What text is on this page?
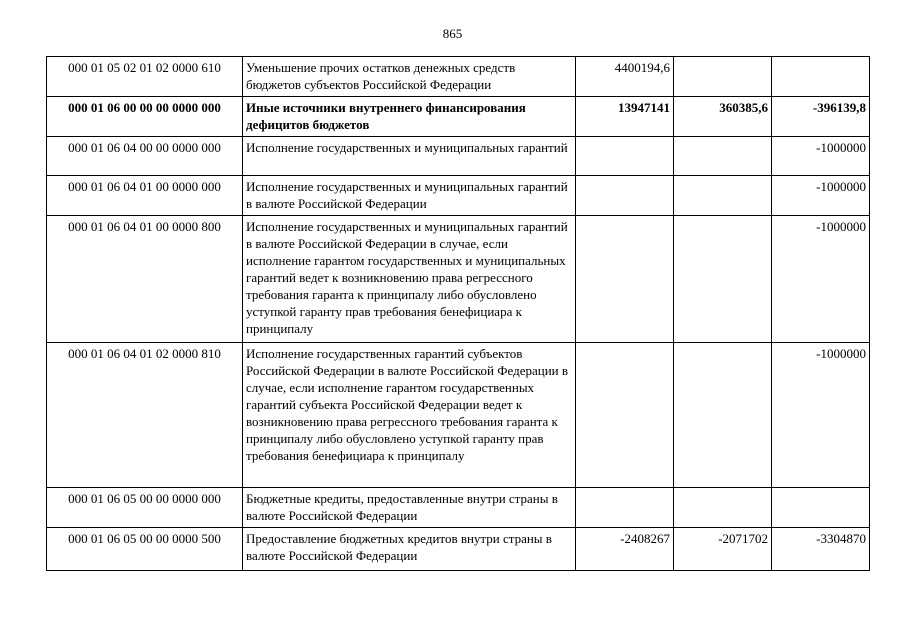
865
000 01 05 02 01 02 0000 610	Уменьшение прочих остатков денежных средств бюджетов субъектов Российской Федерации	4400194,6		
000 01 06 00 00 00 0000 000	Иные источники внутреннего финансирования дефицитов бюджетов	13947141	360385,6	-396139,8
000 01 06 04 00 00 0000 000	Исполнение государственных и муниципальных гарантий			-1000000
000 01 06 04 01 00 0000 000	Исполнение государственных и муниципальных гарантий в валюте Российской Федерации			-1000000
000 01 06 04 01 00 0000 800	Исполнение государственных и муниципальных гарантий в валюте Российской Федерации в случае, если исполнение гарантом государственных и муниципальных гарантий ведет к возникновению права регрессного требования гаранта к принципалу либо обусловлено уступкой гаранту прав требования бенефициара к принципалу			-1000000
000 01 06 04 01 02 0000 810	Исполнение государственных гарантий субъектов Российской Федерации в валюте Российской Федерации в случае, если исполнение гарантом государственных гарантий субъекта Российской Федерации ведет к возникновению права регрессного требования гаранта к принципалу либо обусловлено уступкой гаранту прав требования бенефициара к принципалу			-1000000
000 01 06 05 00 00 0000 000	Бюджетные кредиты, предоставленные внутри страны в валюте Российской Федерации			
000 01 06 05 00 00 0000 500	Предоставление бюджетных кредитов внутри страны в валюте Российской Федерации	-2408267	-2071702	-3304870
